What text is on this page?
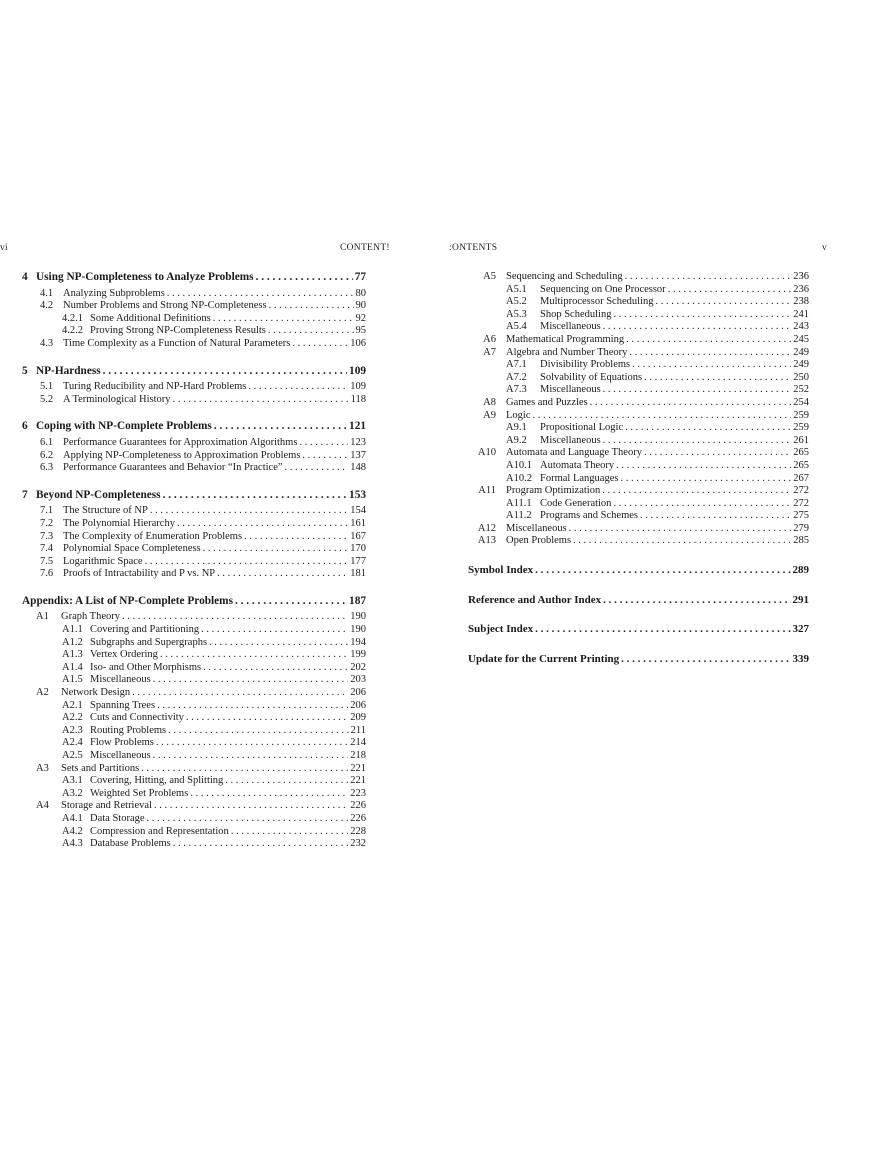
vi	CONTENT!	:ONTENTS	v
4 Using NP-Completeness to Analyze Problems . . .	77
4.1 Analyzing Subproblems . . .	80
4.2 Number Problems and Strong NP-Completeness . . .	90
4.2.1 Some Additional Definitions . . .	92
4.2.2 Proving Strong NP-Completeness Results . . .	95
4.3 Time Complexity as a Function of Natural Parameters . . .	106
5 NP-Hardness . . .	109
5.1 Turing Reducibility and NP-Hard Problems . . .	109
5.2 A Terminological History . . .	118
6 Coping with NP-Complete Problems . . .	121
6.1 Performance Guarantees for Approximation Algorithms . . .	123
6.2 Applying NP-Completeness to Approximation Problems . . .	137
6.3 Performance Guarantees and Behavior “In Practice” . . .	148
7 Beyond NP-Completeness . . .	153
7.1 The Structure of NP . . .	154
7.2 The Polynomial Hierarchy . . .	161
7.3 The Complexity of Enumeration Problems . . .	167
7.4 Polynomial Space Completeness . . .	170
7.5 Logarithmic Space . . .	177
7.6 Proofs of Intractability and P vs. NP . . .	181
Appendix: A List of NP-Complete Problems . . .	187
A1	Graph Theory . . .	190
A1.1 Covering and Partitioning . . .	190
A1.2 Subgraphs and Supergraphs . . .	194
A1.3 Vertex Ordering . . .	199
A1.4 Iso- and Other Morphisms . . .	202
A1.5 Miscellaneous . . .	203
A2	Network Design . . .	206
A2.1 Spanning Trees . . .	206
A2.2 Cuts and Connectivity . . .	209
A2.3 Routing Problems . . .	211
A2.4 Flow Problems . . .	214
A2.5 Miscellaneous . . .	218
A3	Sets and Partitions . . .	221
A3.1 Covering, Hitting, and Splitting . . .	221
A3.2 Weighted Set Problems . . .	223
A4	Storage and Retrieval . . .	226
A4.1 Data Storage . . .	226
A4.2 Compression and Representation . . .	228
A4.3 Database Problems . . .	232
A5 Sequencing and Scheduling . . .	236
A5.1	Sequencing on One Processor . . .	236
A5.2	Multiprocessor Scheduling . . .	238
A5.3	Shop Scheduling . . .	241
A5.4	Miscellaneous . . .	243
A6 Mathematical Programming . . .	245
A7 Algebra and Number Theory . . .	249
A7.1	Divisibility Problems . . .	249
A7.2	Solvability of Equations . . .	250
A7.3	Miscellaneous . . .	252
A8 Games and Puzzles . . .	254
A9 Logic . . .	259
A9.1	Propositional Logic . . .	259
A9.2	Miscellaneous . . .	261
A10 Automata and Language Theory . . .	265
A10.1 Automata Theory . . .	265
A10.2 Formal Languages . . .	267
A11 Program Optimization . . .	272
A11.1 Code Generation . . .	272
A11.2 Programs and Schemes . . .	275
A12 Miscellaneous . . .	279
A13 Open Problems . . .	285
Symbol Index . . .	289
Reference and Author Index . . .	291
Subject Index . . .	327
Update for the Current Printing . . .	339
